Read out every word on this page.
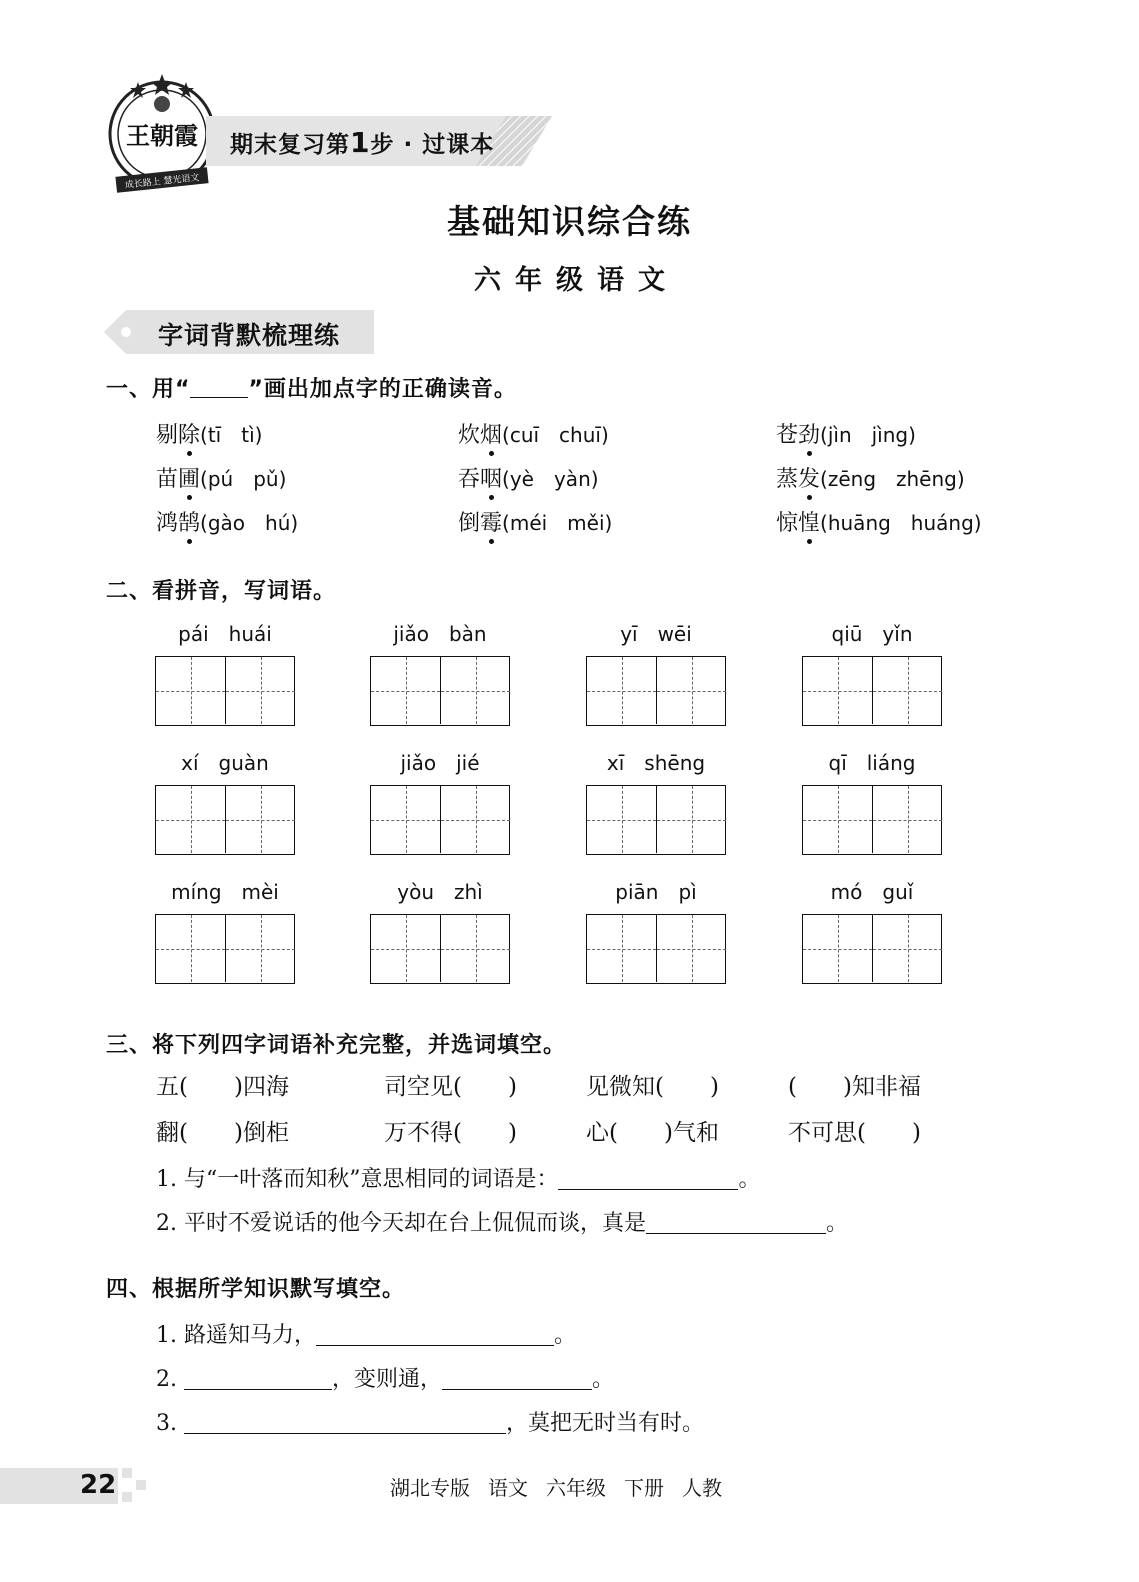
王朝霞
成长路上 慧光语文
期末复习第1步 · 过课本
基础知识综合练
六年级语文
字词背默梳理练
一、用“	”画出加点字的正确读音。
剔除(tī　tì)	炊烟(cuī　chuī)	苍劲(jìn　jìng)
苗圃(pú　pǔ)	吞咽(yè　yàn)	蒸发(zēng　zhēng)
鸿鹄(gào　hú)	倒霉(méi　měi)	惊惶(huāng　huáng)
二、看拼音，写词语。
pái　huái	jiǎo　bàn	yī　wēi	qiū　yǐn
xí　guàn	jiǎo　jié	xī　shēng	qī　liáng
míng　mèi	yòu　zhì	piān　pì	mó　guǐ
三、将下列四字词语补充完整，并选词填空。
五(　　)四海	司空见(　　)	见微知(　　)	(　　)知非福
翻(　　)倒柜	万不得(　　)	心(　　)气和	不可思(　　)
1. 与“一叶落而知秋”意思相同的词语是：	。
2. 平时不爱说话的他今天却在台上侃侃而谈，真是	。
四、根据所学知识默写填空。
1. 路遥知马力，	。
2.	，变则通，	。
3.	，莫把无时当有时。
22	湖北专版 语文 六年级 下册 人教
